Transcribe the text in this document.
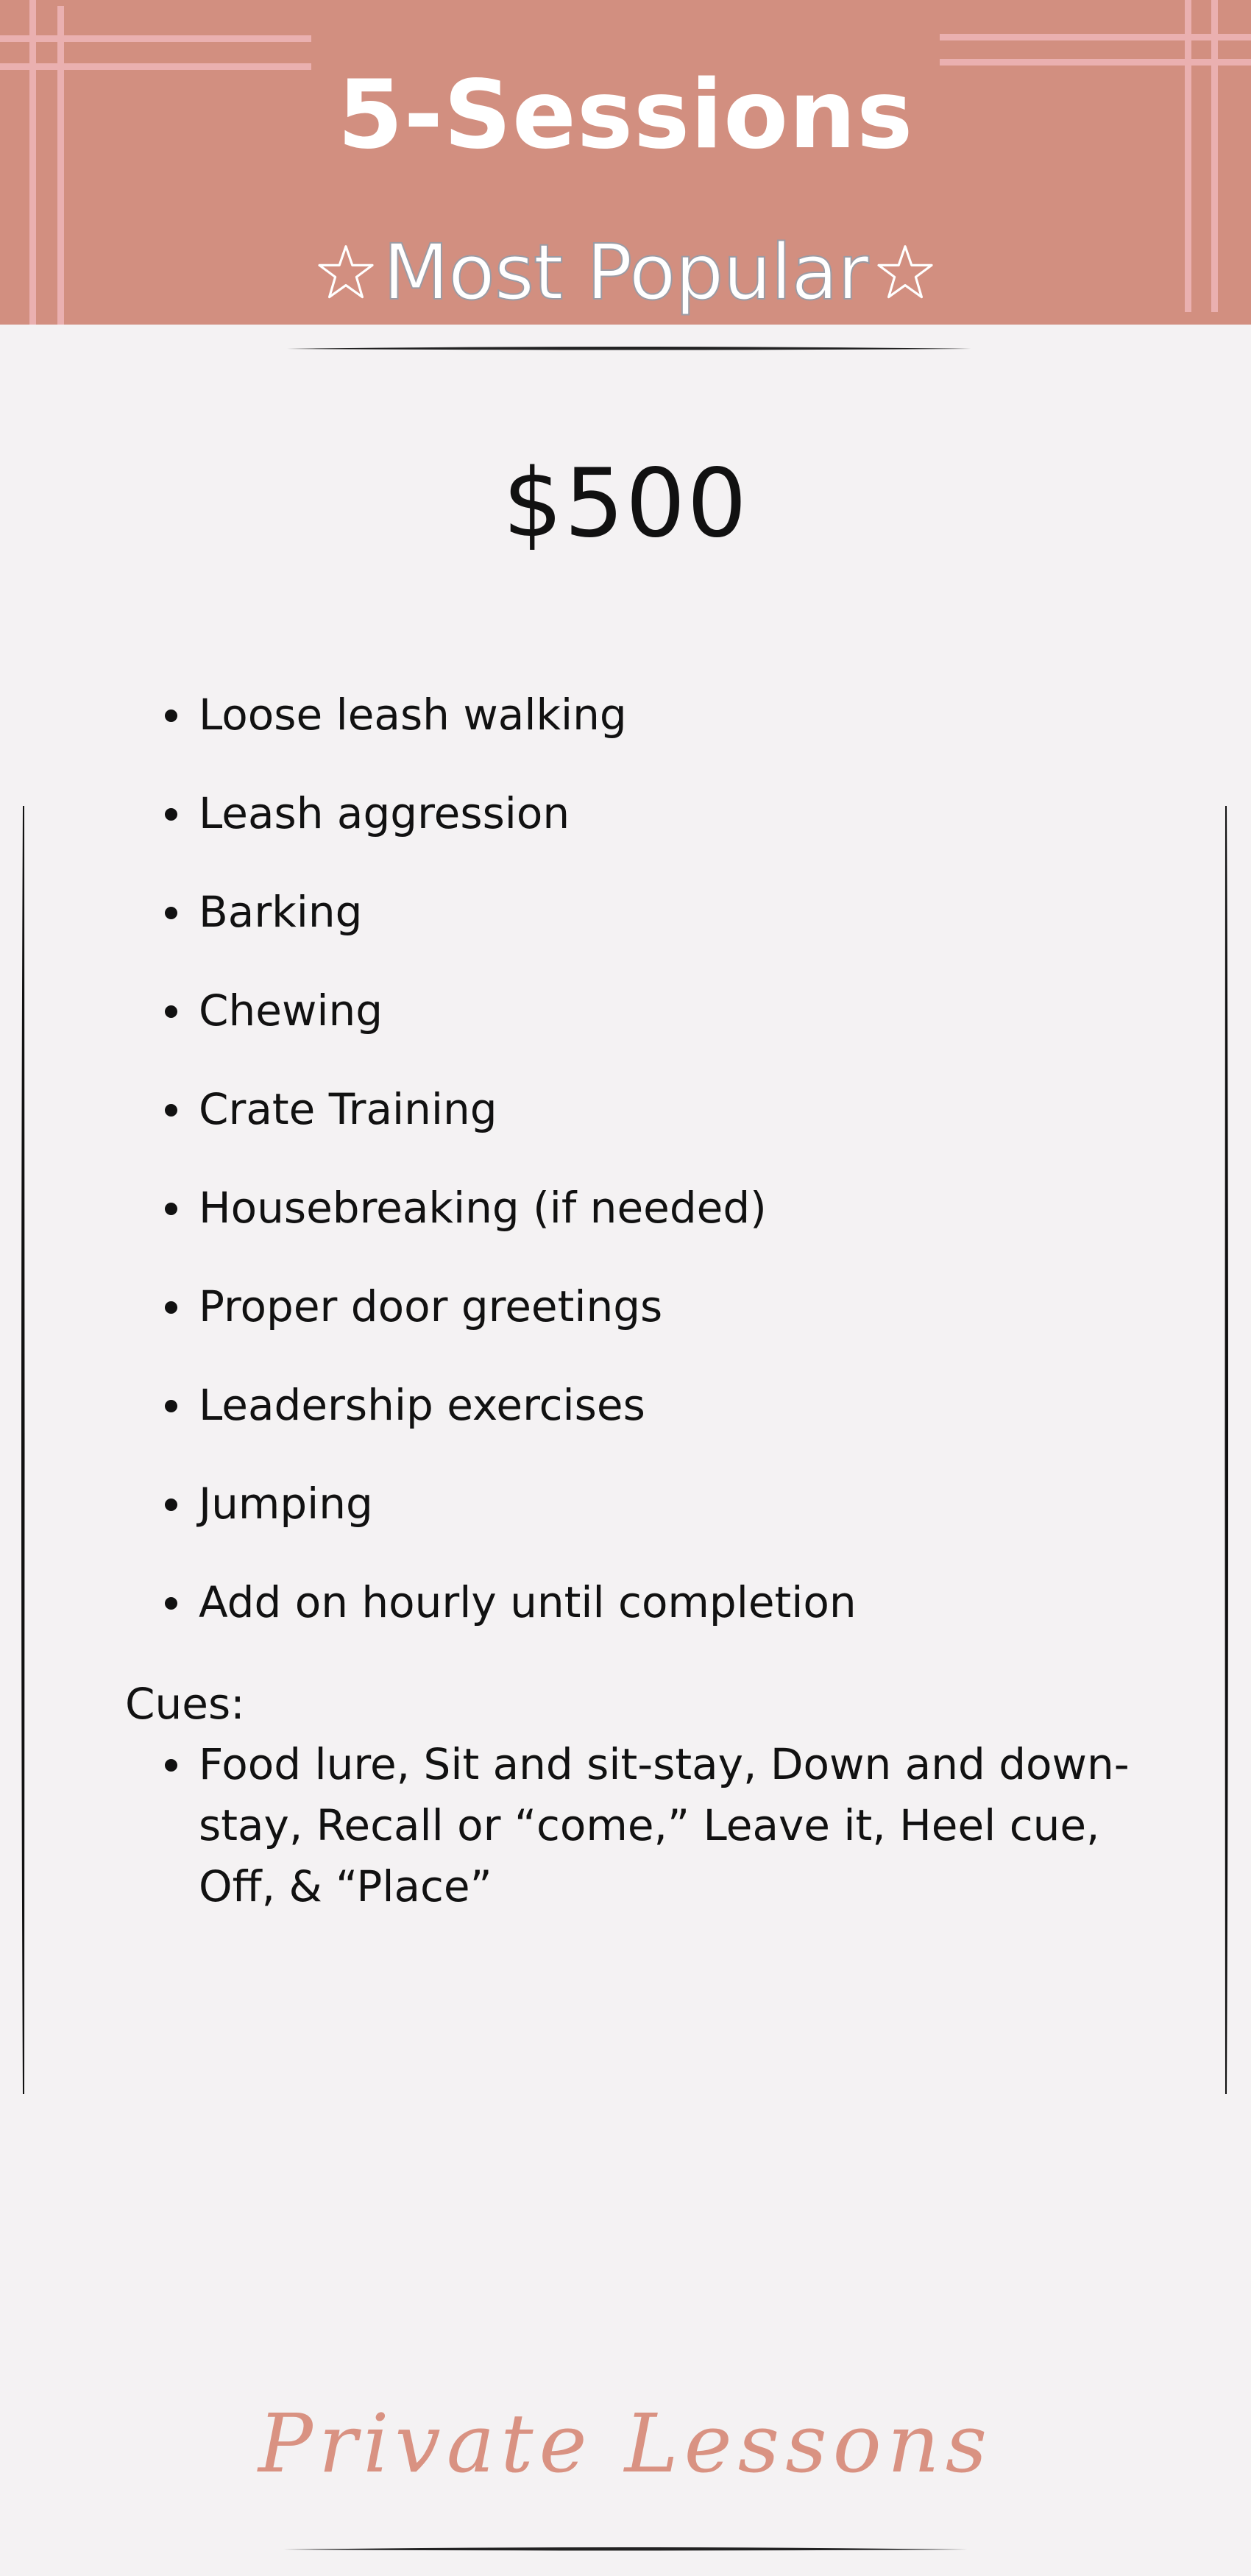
5-Sessions
Most Popular
$500
Loose leash walking
Leash aggression
Barking
Chewing
Crate Training
Housebreaking (if needed)
Proper door greetings
Leadership exercises
Jumping
Add on hourly until completion
Cues:
Food lure, Sit and sit-stay, Down and down-stay, Recall or “come,” Leave it, Heel cue, Off, & “Place”
Private Lessons
